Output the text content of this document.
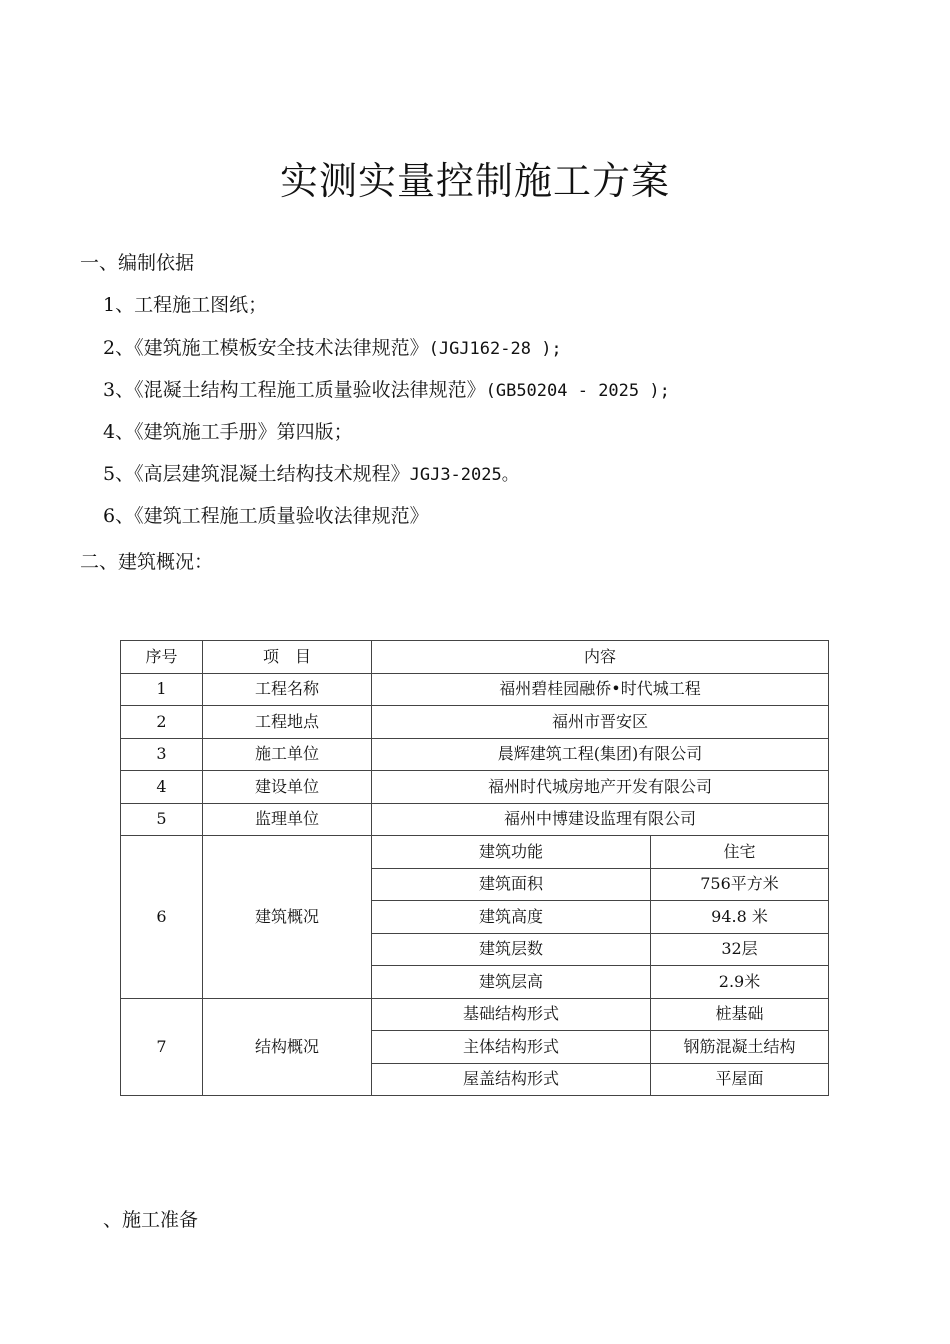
实测实量控制施工方案
一、编制依据
1、工程施工图纸；
2、《建筑施工模板安全技术法律规范》(JGJ162-28 );
3、《混凝土结构工程施工质量验收法律规范》(GB50204 - 2025 );
4、《建筑施工手册》第四版；
5、《高层建筑混凝土结构技术规程》JGJ3-2025。
6、《建筑工程施工质量验收法律规范》
二、建筑概况：
序号	项　目	内容	
1	工程名称	福州碧桂园融侨•时代城工程	
2	工程地点	福州市晋安区	
3	施工单位	晨辉建筑工程(集团)有限公司	
4	建设单位	福州时代城房地产开发有限公司	
5	监理单位	福州中博建设监理有限公司	
6	建筑概况	建筑功能	住宅
		建筑面积	756平方米
		建筑高度	94.8 米
		建筑层数	32层
		建筑层高	2.9米
7	结构概况	基础结构形式	桩基础
		主体结构形式	钢筋混凝土结构
		屋盖结构形式	平屋面
、施工准备
